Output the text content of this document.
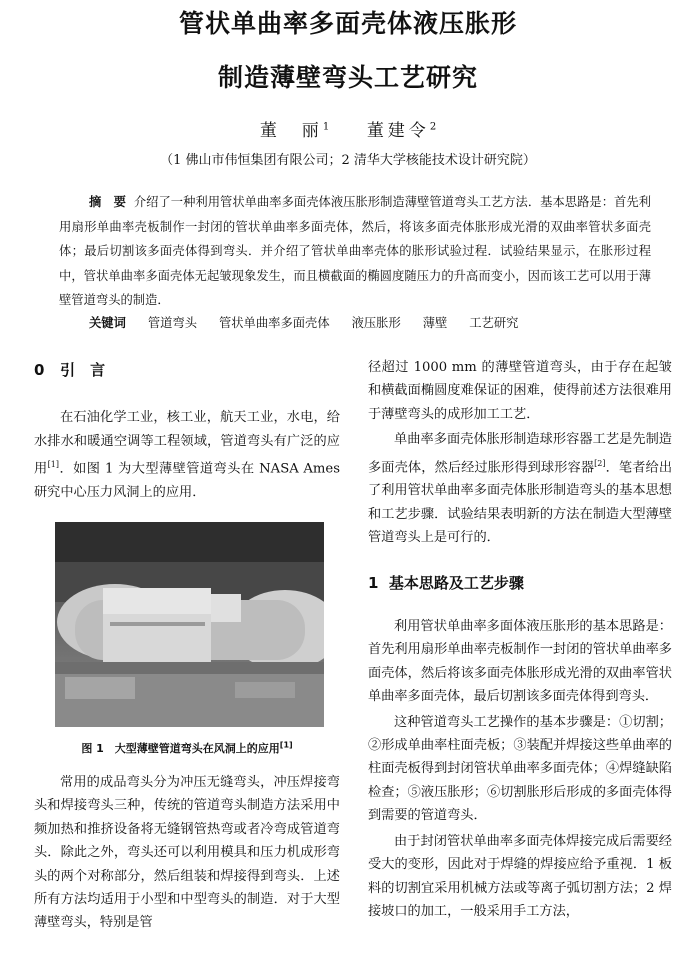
管状单曲率多面壳体液压胀形
制造薄壁弯头工艺研究
董　丽$^1$ 董建令$^2$
（1 佛山市伟恒集团有限公司；2 清华大学核能技术设计研究院）
摘　要 介绍了一种利用管状单曲率多面壳体液压胀形制造薄壁管道弯头工艺方法．基本思路是：首先利用扇形单曲率壳板制作一封闭的管状单曲率多面壳体，然后，将该多面壳体胀形成光滑的双曲率管状多面壳体；最后切割该多面壳体得到弯头．并介绍了管状单曲率壳体的胀形试验过程．试验结果显示，在胀形过程中，管状单曲率多面壳体无起皱现象发生，而且横截面的椭圆度随压力的升高而变小，因而该工艺可以用于薄壁管道弯头的制造．
关键词 管道弯头 管状单曲率多面壳体 液压胀形 薄壁 工艺研究
0 引　言

在石油化学工业，核工业，航天工业，水电，给水排水和暖通空调等工程领域，管道弯头有广泛的应用[1]．如图 1 为大型薄壁管道弯头在 NASA Ames 研究中心压力风洞上的应用．

图 1　大型薄壁管道弯头在风洞上的应用[1]

常用的成品弯头分为冲压无缝弯头，冲压焊接弯头和焊接弯头三种，传统的管道弯头制造方法采用中频加热和推挤设备将无缝钢管热弯或者冷弯成管道弯头．除此之外，弯头还可以利用模具和压力机成形弯头的两个对称部分，然后组装和焊接得到弯头．上述所有方法均适用于小型和中型弯头的制造．对于大型薄壁弯头，特别是管

径超过 1000 mm 的薄壁管道弯头，由于存在起皱和横截面椭圆度难保证的困难，使得前述方法很难用于薄壁弯头的成形加工工艺．

单曲率多面壳体胀形制造球形容器工艺是先制造多面壳体，然后经过胀形得到球形容器[2]．笔者给出了利用管状单曲率多面壳体胀形制造弯头的基本思想和工艺步骤．试验结果表明新的方法在制造大型薄壁管道弯头上是可行的．

1 基本思路及工艺步骤

利用管状单曲率多面体液压胀形的基本思路是：首先利用扇形单曲率壳板制作一封闭的管状单曲率多面壳体，然后将该多面壳体胀形成光滑的双曲率管状单曲率多面壳体，最后切割该多面壳体得到弯头．

这种管道弯头工艺操作的基本步骤是：①切割；②形成单曲率柱面壳板；③装配并焊接这些单曲率的柱面壳板得到封闭管状单曲率多面壳体；④焊缝缺陷检查；⑤液压胀形；⑥切割胀形后形成的多面壳体得到需要的管道弯头．

由于封闭管状单曲率多面壳体焊接完成后需要经受大的变形，因此对于焊缝的焊接应给予重视．1 板料的切割宜采用机械方法或等离子弧切割方法；2 焊接坡口的加工，一般采用手工方法，
